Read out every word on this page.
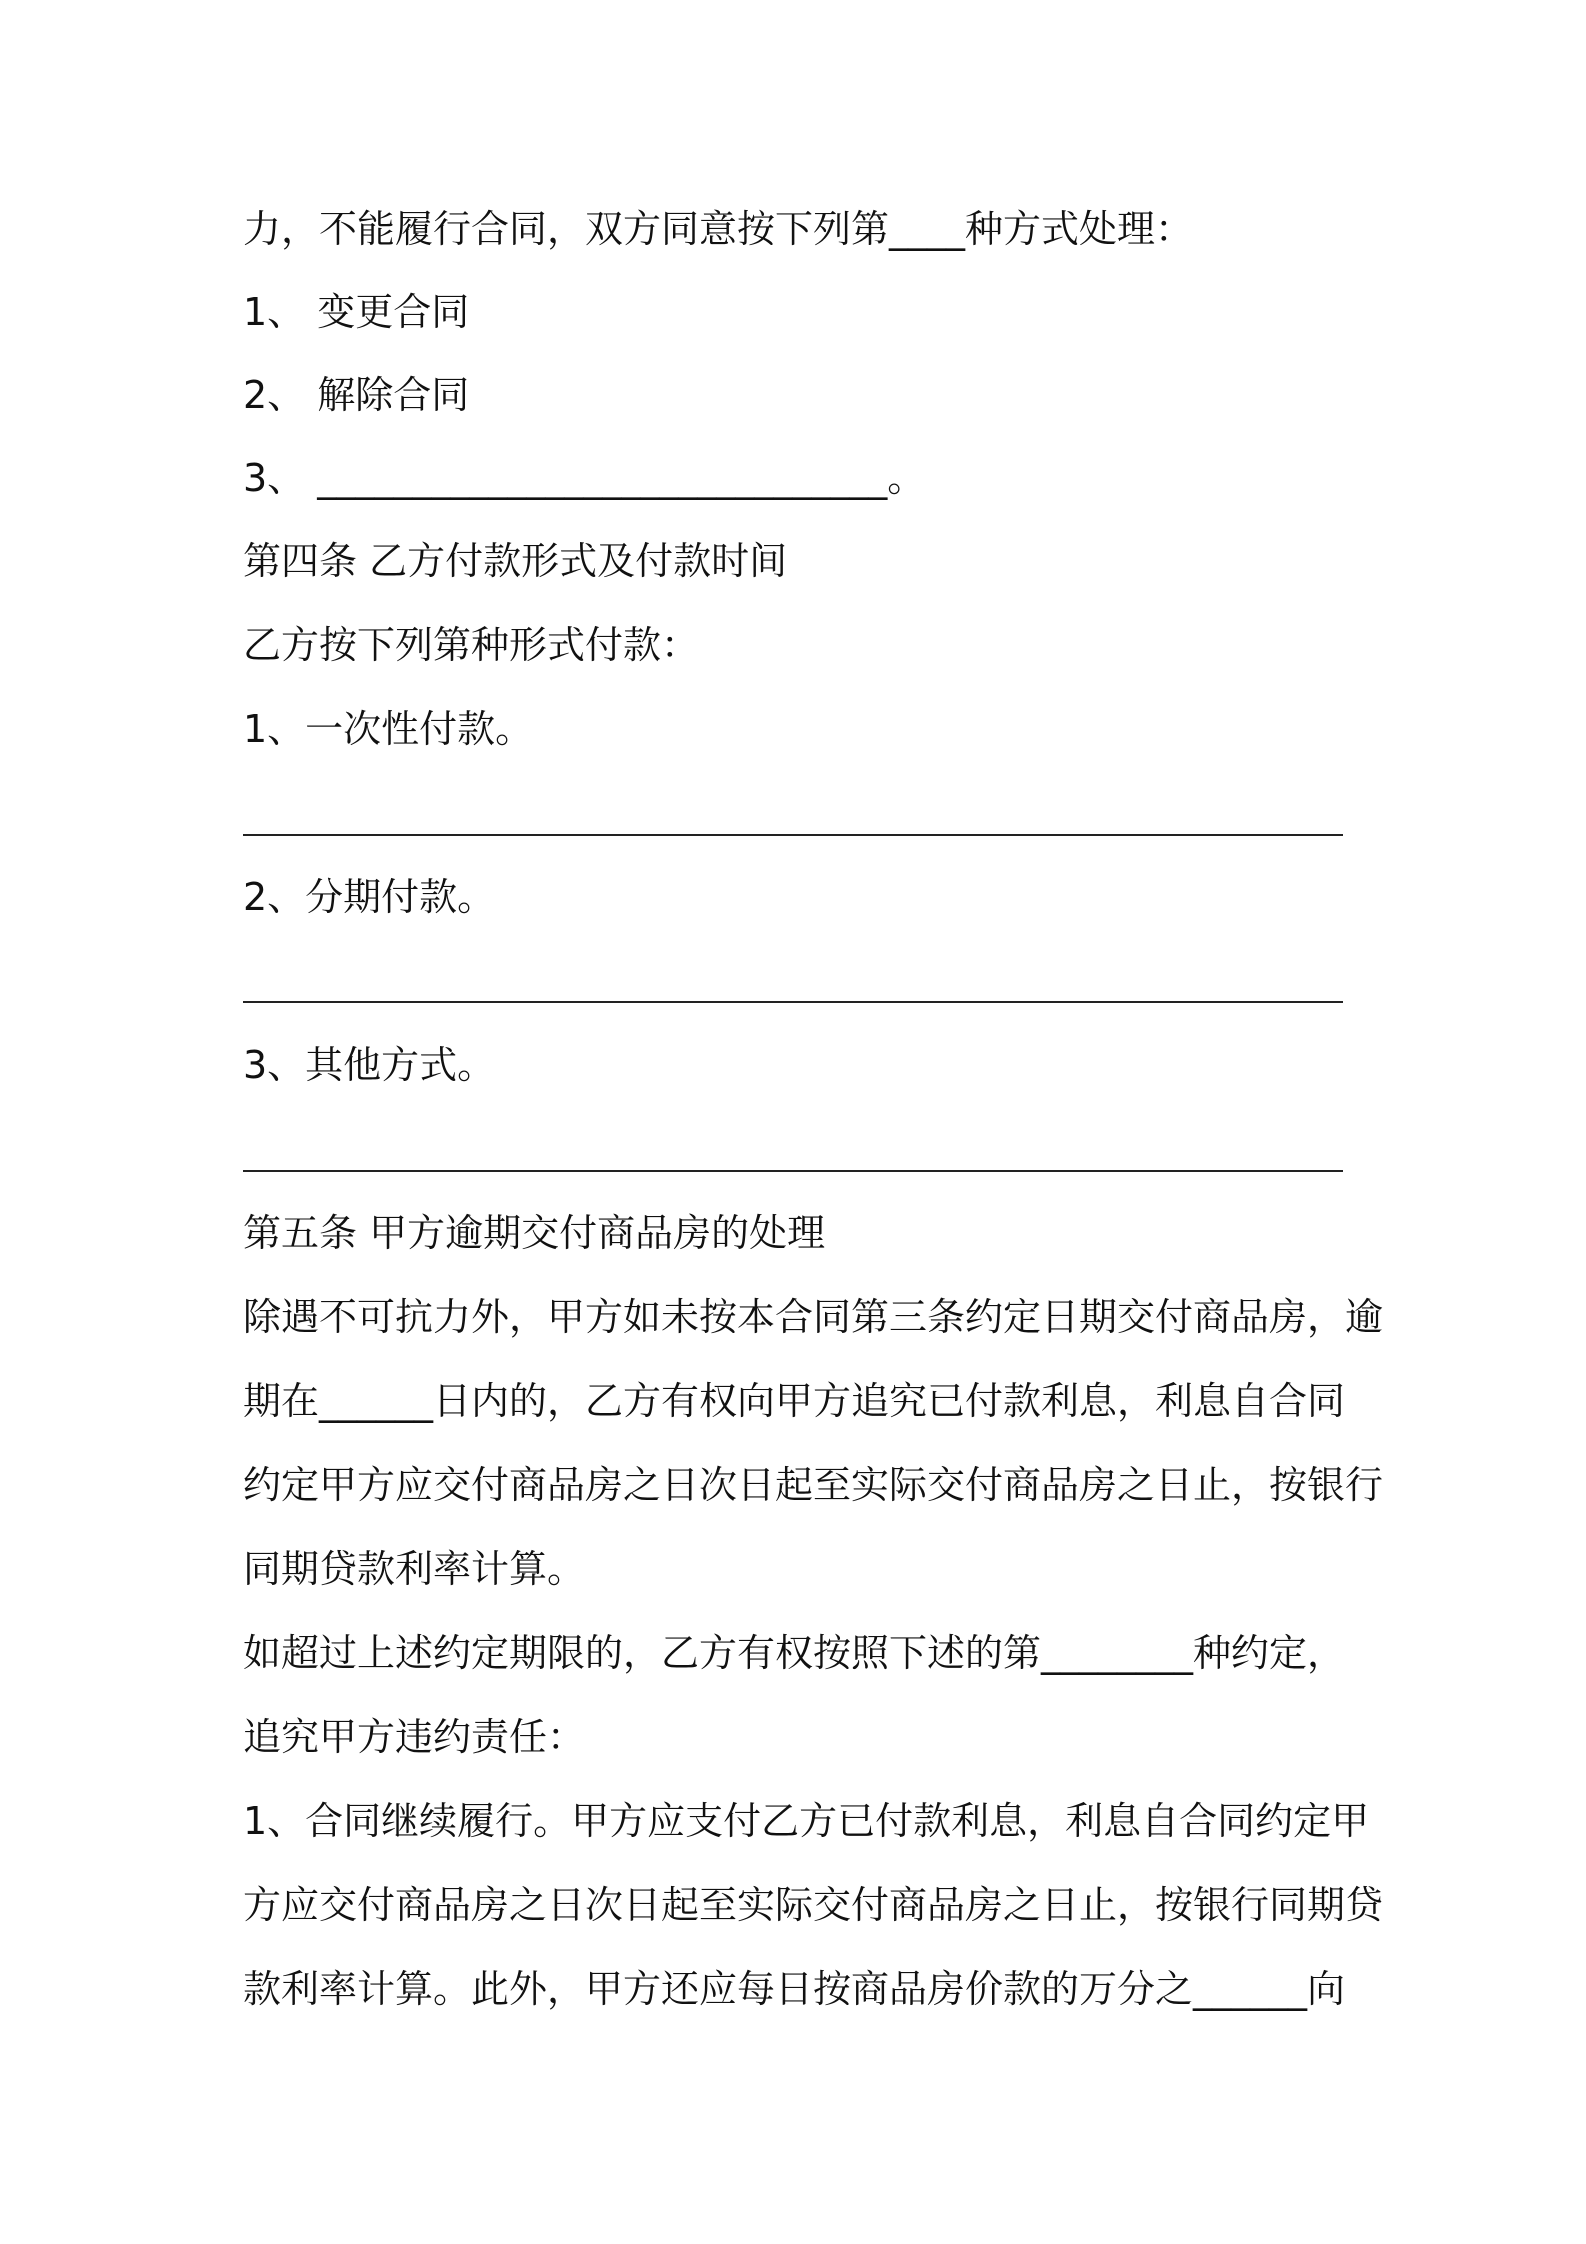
力，不能履行合同，双方同意按下列第____种方式处理：

1、 变更合同

2、 解除合同

3、 ______________________________。

第四条 乙方付款形式及付款时间

乙方按下列第种形式付款：

1、一次性付款。

2、分期付款。

3、其他方式。

第五条 甲方逾期交付商品房的处理

除遇不可抗力外，甲方如未按本合同第三条约定日期交付商品房，逾

期在______日内的，乙方有权向甲方追究已付款利息，利息自合同

约定甲方应交付商品房之日次日起至实际交付商品房之日止，按银行

同期贷款利率计算。

如超过上述约定期限的，乙方有权按照下述的第________种约定，

追究甲方违约责任：

1、合同继续履行。甲方应支付乙方已付款利息，利息自合同约定甲

方应交付商品房之日次日起至实际交付商品房之日止，按银行同期贷

款利率计算。此外，甲方还应每日按商品房价款的万分之______向
